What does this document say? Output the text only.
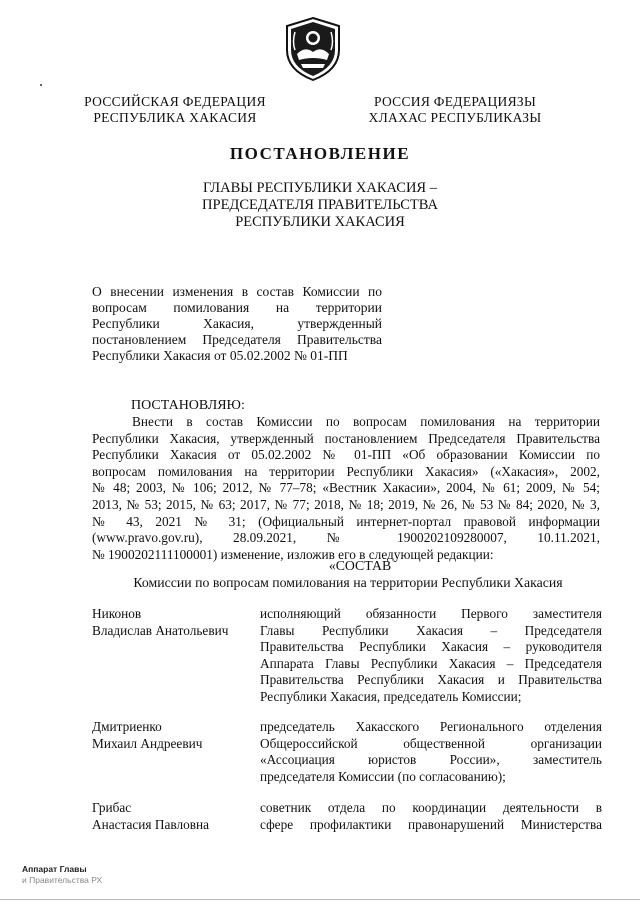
РОССИЙСКАЯ ФЕДЕРАЦИЯ
РЕСПУБЛИКА ХАКАСИЯ
РОССИЯ ФЕДЕРАЦИЯЗЫ
ХЛАХАС РЕСПУБЛИКАЗЫ
ПОСТАНОВЛЕНИЕ
ГЛАВЫ РЕСПУБЛИКИ ХАКАСИЯ –
ПРЕДСЕДАТЕЛЯ ПРАВИТЕЛЬСТВА
РЕСПУБЛИКИ ХАКАСИЯ
О внесении изменения в состав Комиссии по
вопросам помилования на территории
Республики Хакасия, утвержденный
постановлением Председателя Правительства
Республики Хакасия от 05.02.2002 № 01-ПП
ПОСТАНОВЛЯЮ:
Внести в состав Комиссии по вопросам помилования на территории
Республики Хакасия, утвержденный постановлением Председателя Правительства
Республики Хакасия от 05.02.2002 № 01-ПП «Об образовании Комиссии по
вопросам помилования на территории Республики Хакасия» («Хакасия», 2002,
№ 48; 2003, № 106; 2012, № 77–78; «Вестник Хакасии», 2004, № 61; 2009, № 54;
2013, № 53; 2015, № 63; 2017, № 77; 2018, № 18; 2019, № 26, № 53 № 84; 2020, № 3,
№ 43, 2021 № 31; (Официальный интернет-портал правовой информации
(www.pravo.gov.ru), 28.09.2021, № 1900202109280007, 10.11.2021,
№ 1900202111100001) изменение, изложив его в следующей редакции:
«СОСТАВ
Комиссии по вопросам помилования на территории Республики Хакасия
Никонов
Владислав Анатольевич
исполняющий обязанности Первого заместителя
Главы Республики Хакасия – Председателя
Правительства Республики Хакасия – руководителя
Аппарата Главы Республики Хакасия – Председателя
Правительства Республики Хакасия и Правительства
Республики Хакасия, председатель Комиссии;
Дмитриенко
Михаил Андреевич
председатель Хакасского Регионального отделения
Общероссийской общественной организации
«Ассоциация юристов России», заместитель
председателя Комиссии (по согласованию);
Грибас
Анастасия Павловна
советник отдела по координации деятельности в
сфере профилактики правонарушений Министерства
Аппарат Главы
и Правительства РХ
